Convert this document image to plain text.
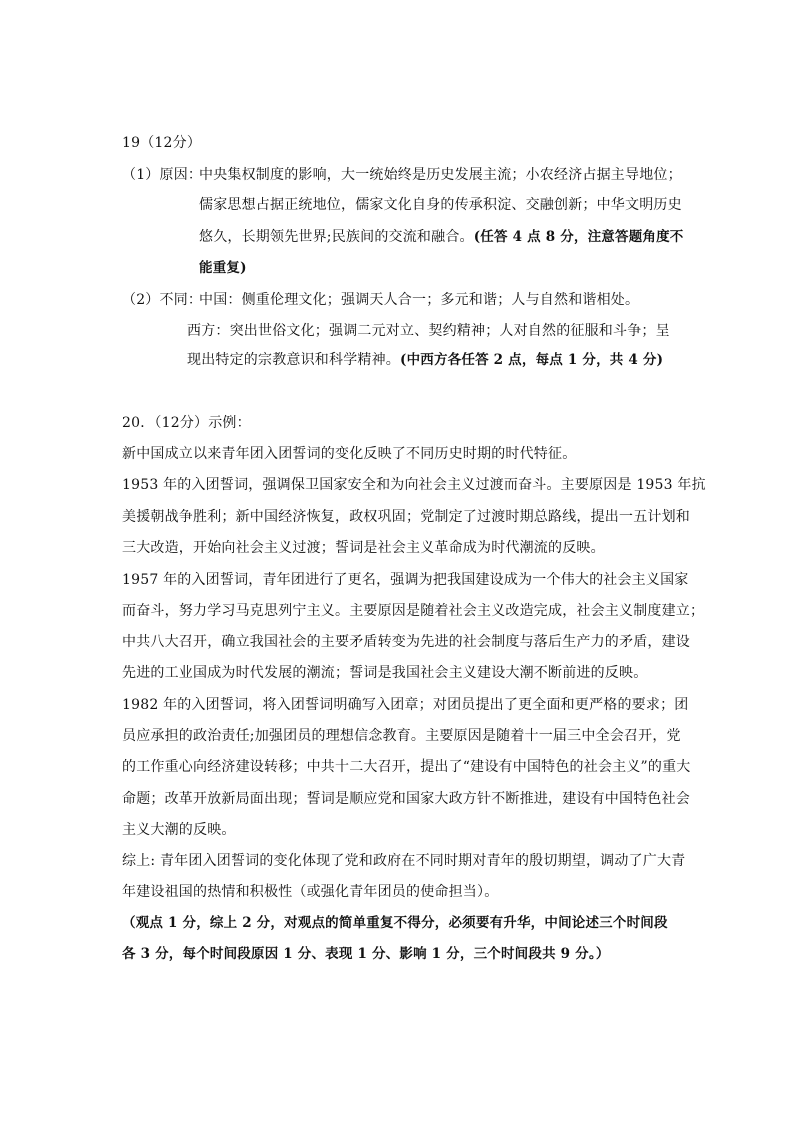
19（12分）
（1）原因：
中央集权制度的影响，大一统始终是历史发展主流；小农经济占据主导地位；
儒家思想占据正统地位，儒家文化自身的传承积淀、交融创新；中华文明历史
悠久，长期领先世界;民族间的交流和融合。(任答 4 点 8 分，注意答题角度不
能重复)
（2）不同：
中国：侧重伦理文化；强调天人合一；多元和谐；人与自然和谐相处。
西方：突出世俗文化；强调二元对立、契约精神；人对自然的征服和斗争；呈
现出特定的宗教意识和科学精神。(中西方各任答 2 点，每点 1 分，共 4 分)
20．（12分）示例：
新中国成立以来青年团入团誓词的变化反映了不同历史时期的时代特征。
1953 年的入团誓词，强调保卫国家安全和为向社会主义过渡而奋斗。主要原因是 1953 年抗
美援朝战争胜利；新中国经济恢复，政权巩固；党制定了过渡时期总路线，提出一五计划和
三大改造，开始向社会主义过渡；誓词是社会主义革命成为时代潮流的反映。
1957 年的入团誓词，青年团进行了更名，强调为把我国建设成为一个伟大的社会主义国家
而奋斗，努力学习马克思列宁主义。主要原因是随着社会主义改造完成，社会主义制度建立；
中共八大召开，确立我国社会的主要矛盾转变为先进的社会制度与落后生产力的矛盾，建设
先进的工业国成为时代发展的潮流；誓词是我国社会主义建设大潮不断前进的反映。
1982 年的入团誓词，将入团誓词明确写入团章；对团员提出了更全面和更严格的要求；团
员应承担的政治责任;加强团员的理想信念教育。主要原因是随着十一届三中全会召开，党
的工作重心向经济建设转移；中共十二大召开，提出了“建设有中国特色的社会主义”的重大
命题；改革开放新局面出现；誓词是顺应党和国家大政方针不断推进，建设有中国特色社会
主义大潮的反映。
综上: 青年团入团誓词的变化体现了党和政府在不同时期对青年的殷切期望，调动了广大青
年建设祖国的热情和积极性（或强化青年团员的使命担当）。
（观点 1 分，综上 2 分，对观点的简单重复不得分，必须要有升华，中间论述三个时间段
各 3 分，每个时间段原因 1 分、表现 1 分、影响 1 分，三个时间段共 9 分。）
